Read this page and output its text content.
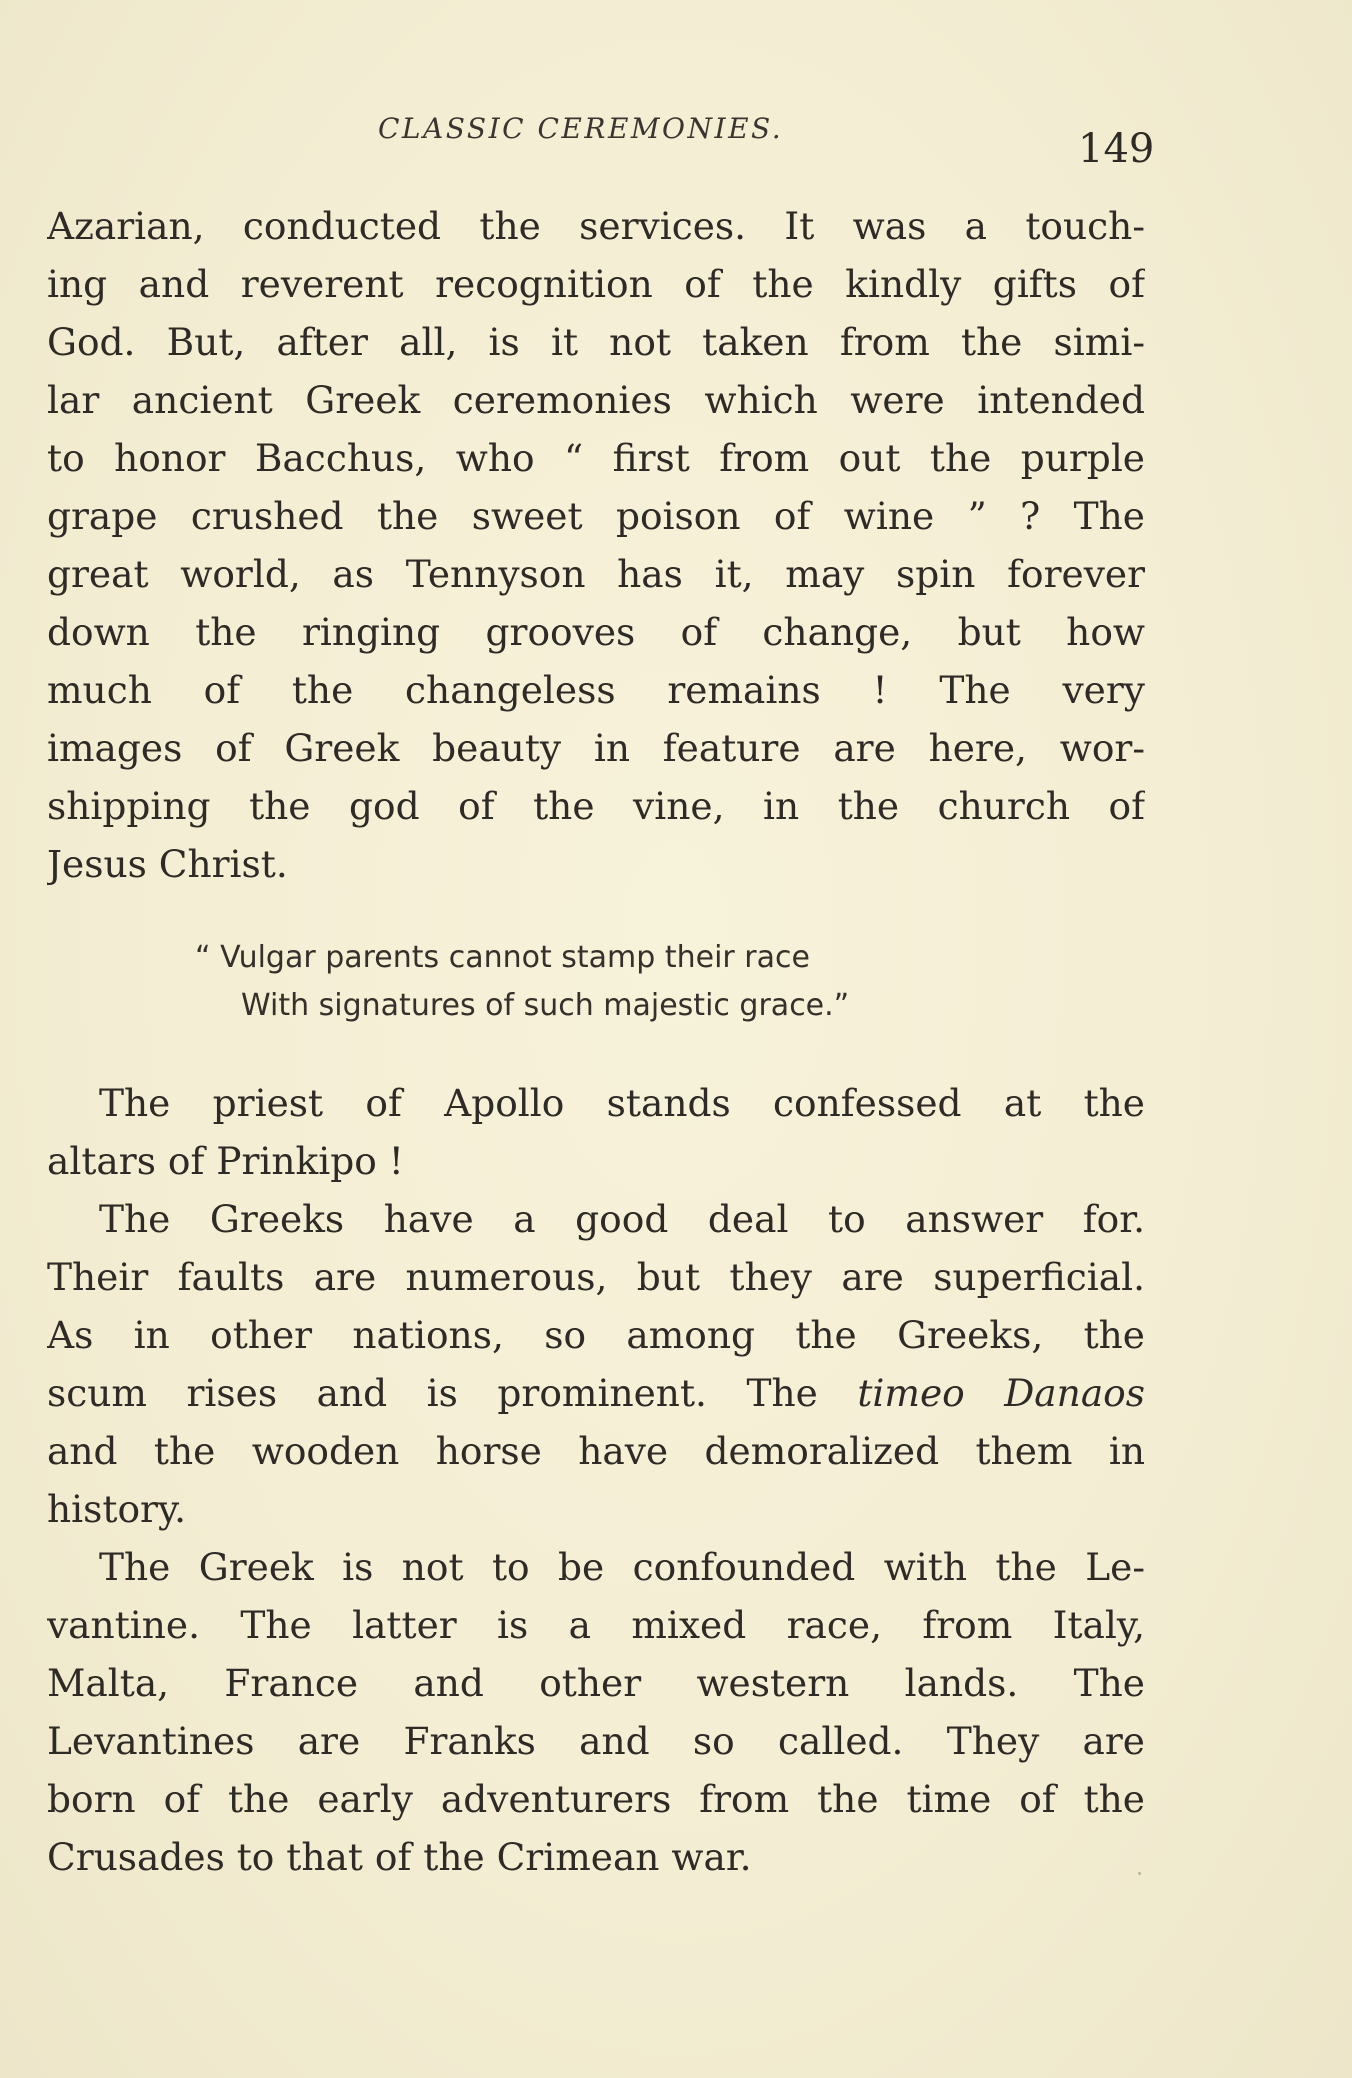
CLASSIC CEREMONIES.	149
Azarian, conducted the services. It was a touch-
ing and reverent recognition of the kindly gifts of
God. But, after all, is it not taken from the simi-
lar ancient Greek ceremonies which were intended
to honor Bacchus, who “ first from out the purple
grape crushed the sweet poison of wine ” ? The
great world, as Tennyson has it, may spin forever
down the ringing grooves of change, but how
much of the changeless remains ! The very
images of Greek beauty in feature are here, wor-
shipping the god of the vine, in the church of
Jesus Christ.
“ Vulgar parents cannot stamp their race
With signatures of such majestic grace.”
The priest of Apollo stands confessed at the
altars of Prinkipo !
The Greeks have a good deal to answer for.
Their faults are numerous, but they are superficial.
As in other nations, so among the Greeks, the
scum rises and is prominent. The timeo Danaos
and the wooden horse have demoralized them in
history.
The Greek is not to be confounded with the Le-
vantine. The latter is a mixed race, from Italy,
Malta, France and other western lands. The
Levantines are Franks and so called. They are
born of the early adventurers from the time of the
Crusades to that of the Crimean war.
